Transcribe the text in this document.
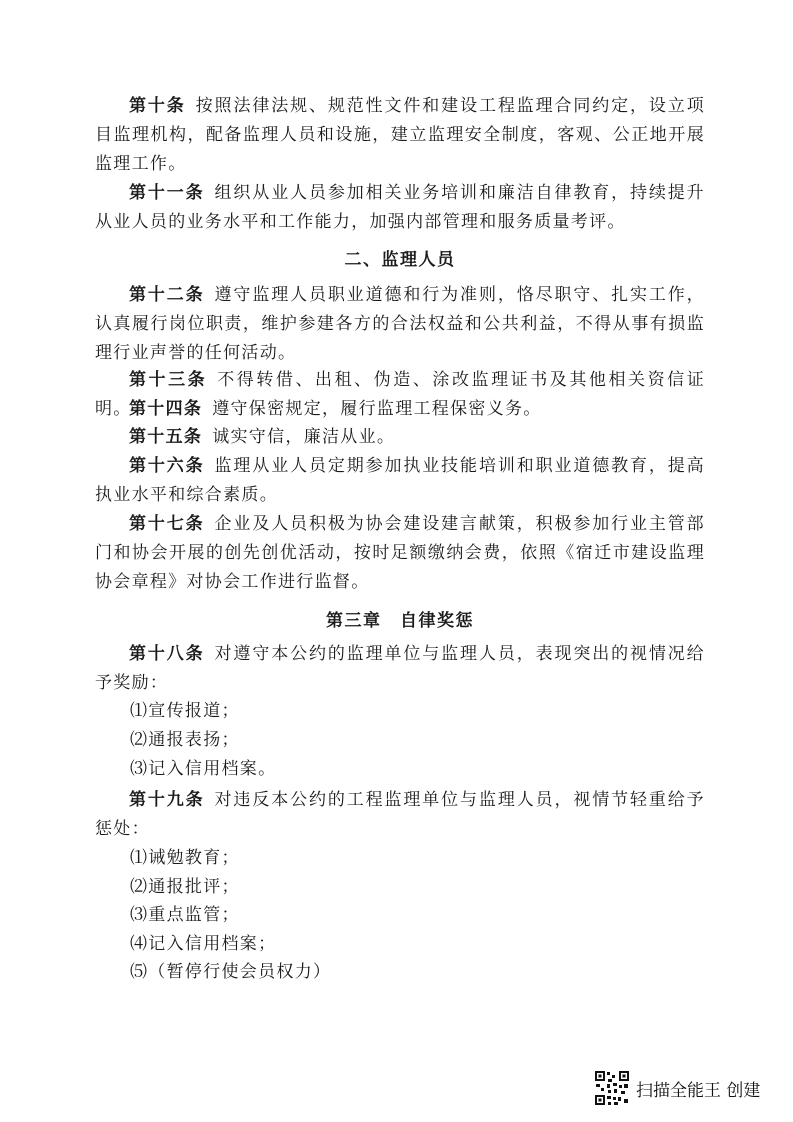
第十条 按照法律法规、规范性文件和建设工程监理合同约定，设立项目监理机构，配备监理人员和设施，建立监理安全制度，客观、公正地开展监理工作。

第十一条 组织从业人员参加相关业务培训和廉洁自律教育，持续提升从业人员的业务水平和工作能力，加强内部管理和服务质量考评。

二、监理人员

第十二条 遵守监理人员职业道德和行为准则，恪尽职守、扎实工作，认真履行岗位职责，维护参建各方的合法权益和公共利益，不得从事有损监理行业声誉的任何活动。

第十三条 不得转借、出租、伪造、涂改监理证书及其他相关资信证明。

第十四条 遵守保密规定，履行监理工程保密义务。

第十五条 诚实守信，廉洁从业。

第十六条 监理从业人员定期参加执业技能培训和职业道德教育，提高执业水平和综合素质。

第十七条 企业及人员积极为协会建设建言献策，积极参加行业主管部门和协会开展的创先创优活动，按时足额缴纳会费，依照《宿迁市建设监理协会章程》对协会工作进行监督。

第三章　自律奖惩

第十八条 对遵守本公约的监理单位与监理人员，表现突出的视情况给予奖励：

⑴宣传报道；

⑵通报表扬；

⑶记入信用档案。

第十九条 对违反本公约的工程监理单位与监理人员，视情节轻重给予惩处：

⑴诫勉教育；

⑵通报批评；

⑶重点监管；

⑷记入信用档案；

⑸（暂停行使会员权力）

扫描全能王 创建
